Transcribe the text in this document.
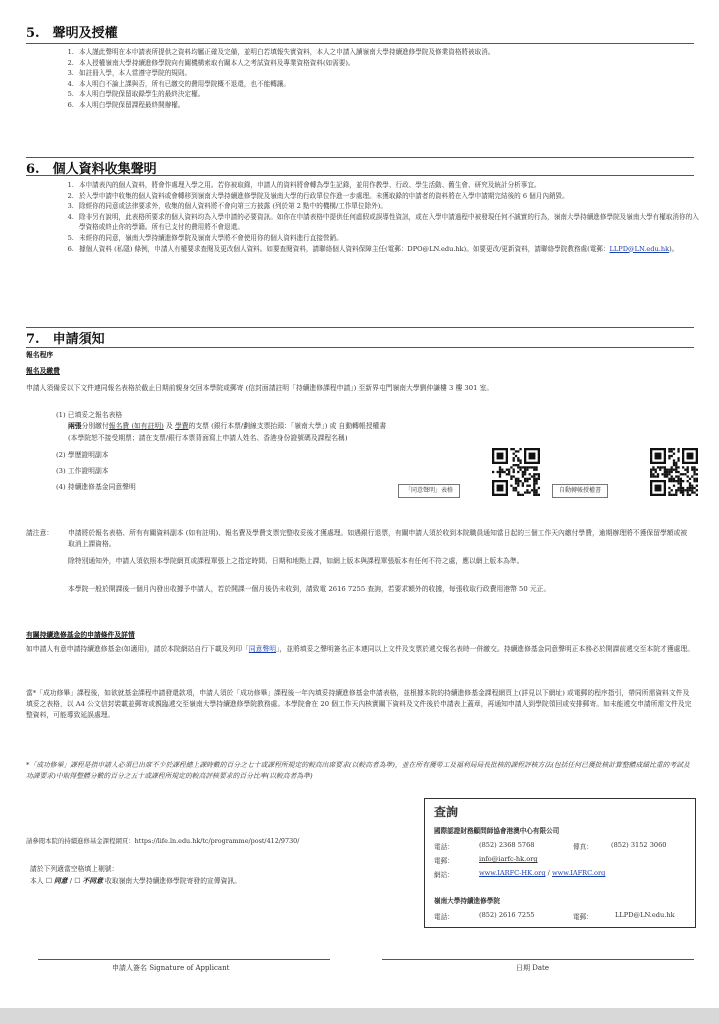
5.　聲明及授權
1. 本人謹此聲明在本申請表所提供之資料均屬正確及完備，並明白若填報失實資料，本人之申請入讀嶺南大學持續進修學院及修業資格將被取消。
2. 本人授權嶺南大學持續進修學院向有關機構索取有關本人之考試資料及專業資格資料(如需要)。
3. 如註冊入學，本人當遵守學院的規則。
4. 本人明白不論上課與否，所有已繳交的費用學院概不退還，也不能轉讓。
5. 本人明白學院保留取錄學生的最終決定權。
6. 本人明白學院保留課程最終開辦權。
6.　個人資料收集聲明
1. 本申請表內的個人資料，將會作處理入學之用。若你被取錄，申請人的資料將會轉為學生記錄，並用作教學、行政、學生活動、舊生會、研究及統計分析事宜。
2. 於入學申請中收集的個人資料或會轉移到嶺南大學持續進修學院及嶺南大學的行政單位作進一步處理。未獲取錄的申請者的資料將在入學申請期完結後的 6 個月內銷毀。
3. 除經你的同意或法律要求外，收集的個人資料將不會向第三方披露 (列於第 2 點中的機構/工作單位除外)。
4. 除非另有說明，此表格所要求的個人資料均為入學申請的必要資訊。如你在申請表格中提供任何虛假或誤導性資訊，或在入學申請過程中被發現任何不誠實的行為，嶺南大學持續進修學院及嶺南大學有權取消你的入學資格或終止你的學籍。所有已支付的費用將不會退還。
5. 未經你的同意，嶺南大學持續進修學院及嶺南大學將不會使用你的個人資料進行直接營銷。
6. 據個人資料 (私隱) 條例，申請人有權要求查閱及更改個人資料。如要查閱資料，請聯絡個人資料保障主任(電郵：DPO@LN.edu.hk)。如要更改/更新資料，請聯絡學院教務處(電郵：LLPD@LN.edu.hk)。
7.　申請須知
報名程序
報名及繳費
申請人須備妥以下文件連同報名表格於截止日期前親身交回本學院或郵寄 (信封面請註明「持續進修課程申請」) 至新界屯門嶺南大學劉仲謙樓 3 樓 301 室。
(1) 已填妥之報名表格
兩張分別繳付報名費 (如有註明) 及 學費的支票 (銀行本票/劃線支票抬頭：「嶺南大學」) 或 自動轉帳授權書
(本學院恕不接受期票；請在支票/銀行本票背面寫上申請人姓名、香港身份證號碼及課程名稱)
(2) 學歷證明副本
(3) 工作證明副本
(4) 持續進修基金同意聲明	「同意聲明」表格	自動轉帳授權書
請注意： 申請將於報名表格、所有有關資料副本 (如有註明)、報名費及學費支票完整收妥後才獲處理。如遇銀行退票，有關申請人須於收到本院職員通知當日起的三個工作天內繳付學費，逾期辦理將不獲保留學額或被取消上課資格。
除特別通知外，申請人須依照本學院網頁或課程單張上之指定時間、日期和地點上課，如網上版本與課程單張版本有任何不符之處，應以網上版本為準。
本學院一般於開課後一個月內發出收據予申請人，若於開課一個月後仍未收到，請致電 2616 7255 查詢，若要求額外的收據，每張收取行政費用港幣 50 元正。
有關持續進修基金的申請條件及詳情
如申請人有意申請持續進修基金(如適用)，請於本院網站自行下載及列印「同意聲明」，並將填妥之聲明簽名正本連同以上文件及支票於遞交報名表時一併繳交。持續進修基金同意聲明正本務必於開課前遞交至本院才獲處理。
當*「成功修畢」課程後，如欲就基金課程申請發還款項，申請人須於「成功修畢」課程後一年內填妥持續進修基金申請表格，並根據本院的持續進修基金課程網頁上(詳見以下網址) 或電郵的程序指引，帶同所需資料文件及填妥之表格，以 A4 公文信封裝載並郵寄或親臨遞交至嶺南大學持續進修學院教務處。本學院會在 20 個工作天內核實關下資料及文件後於申請表上蓋章，再通知申請人到學院領回或安排郵寄。如未能遞交申請所需文件及完整資料，可能導致延誤處理。
*「成功修畢」課程是指申請人必須已出席不少於課程總上課時數的百分之七十或課程所規定的較高出席要求(以較高者為準)，並在所有獲勞工及福利局局長批核的課程評核方法(包括任何已獲批核計算整體成績比重的考試及功課要求)中取得整體分數的百分之五十或課程所規定的較高評核要求的百分比率(以較高者為準)
請參閱本院的持續進修基金課程網頁：https://life.ln.edu.hk/tc/programme/post/412/9730/
請於下列適當空格填上剔號：
本人 ☐ 同意 / ☐ 不同意 收取嶺南大學持續進修學院寄發的宣傳資訊。
查詢
國際認證財務顧問師協會港澳中心有限公司
電話：	(852) 2368 5768	傳真：	(852) 3152 3060
電郵：	info@iarfc-hk.org
網站：	www.IARFC-HK.org / www.IAFRC.org
嶺南大學持續進修學院
電話：	(852) 2616 7255	電郵：	LLPD@LN.edu.hk
申請人簽名 Signature of Applicant	日期 Date
